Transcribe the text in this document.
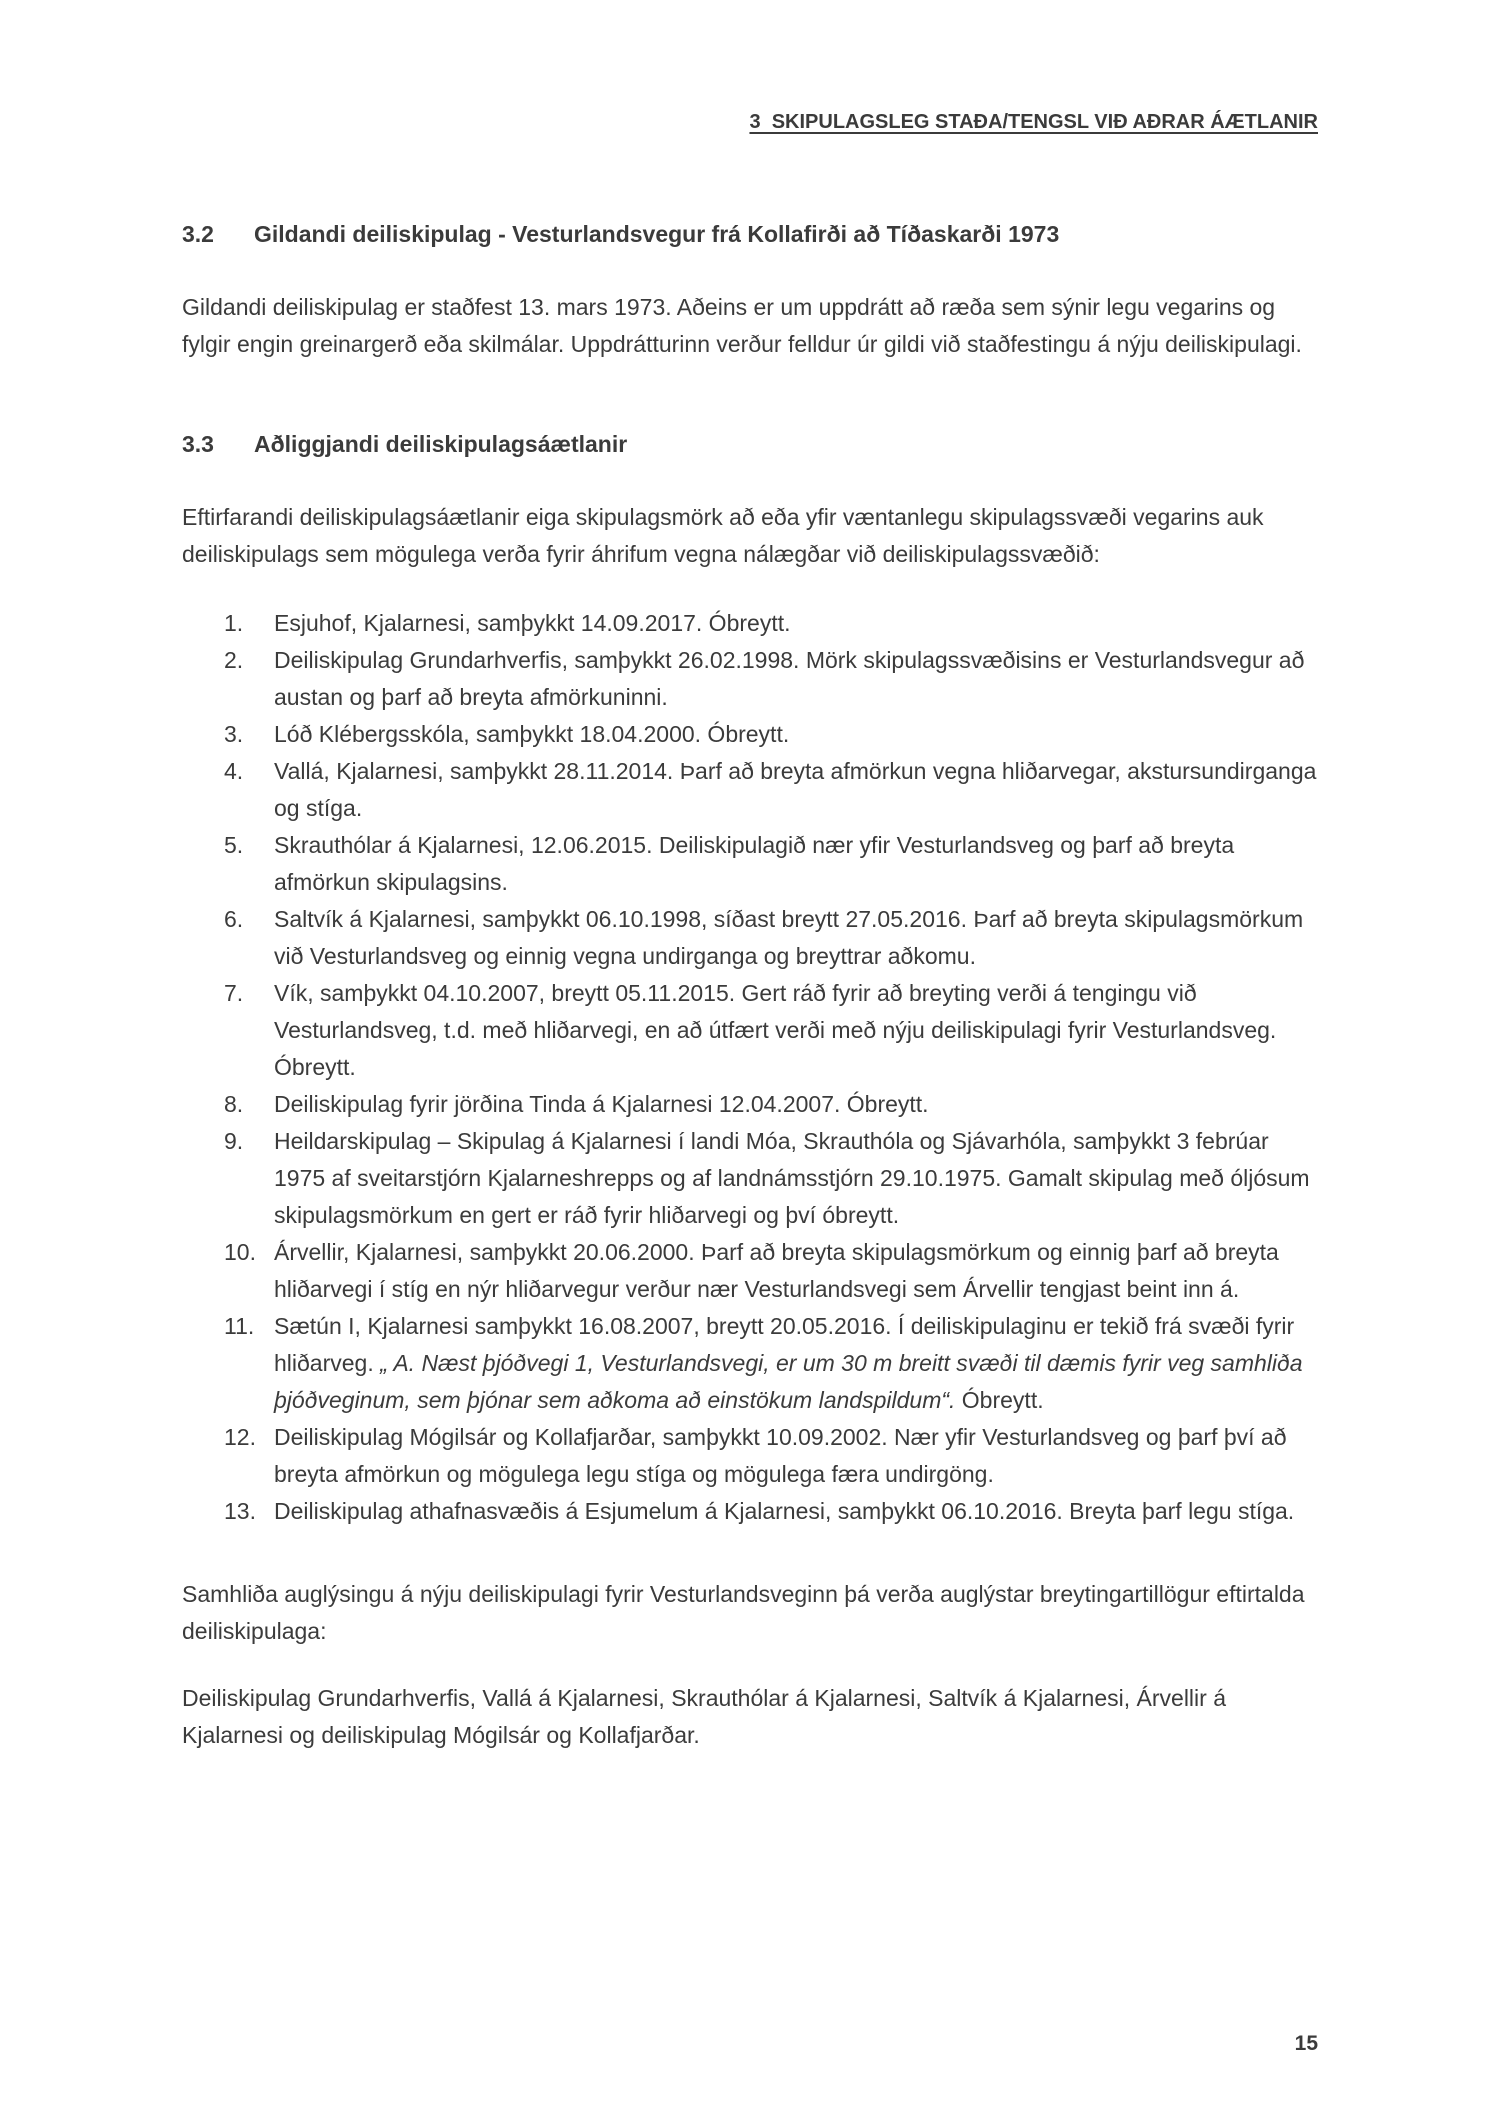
3  SKIPULAGSLEG STAÐA/TENGSL VIÐ AÐRAR ÁÆTLANIR

3.2	Gildandi deiliskipulag - Vesturlandsvegur frá Kollafirði að Tíðaskarði 1973

Gildandi deiliskipulag er staðfest 13. mars 1973. Aðeins er um uppdrátt að ræða sem sýnir legu vegarins og fylgir engin greinargerð eða skilmálar. Uppdrátturinn verður felldur úr gildi við staðfestingu á nýju deiliskipulagi.

3.3	Aðliggjandi deiliskipulagsáætlanir

Eftirfarandi deiliskipulagsáætlanir eiga skipulagsmörk að eða yfir væntanlegu skipulagssvæði vegarins auk deiliskipulags sem mögulega verða fyrir áhrifum vegna nálægðar við deiliskipulagssvæðið:

1.	Esjuhof, Kjalarnesi, samþykkt 14.09.2017. Óbreytt.
2.	Deiliskipulag Grundarhverfis, samþykkt 26.02.1998. Mörk skipulagssvæðisins er Vesturlandsvegur að austan og þarf að breyta afmörkuninni.
3.	Lóð Klébergsskóla, samþykkt 18.04.2000. Óbreytt.
4.	Vallá, Kjalarnesi, samþykkt 28.11.2014. Þarf að breyta afmörkun vegna hliðarvegar, akstursundirganga og stíga.
5.	Skrauthólar á Kjalarnesi, 12.06.2015. Deiliskipulagið nær yfir Vesturlandsveg og þarf að breyta afmörkun skipulagsins.
6.	Saltvík á Kjalarnesi, samþykkt 06.10.1998, síðast breytt 27.05.2016. Þarf að breyta skipulagsmörkum við Vesturlandsveg og einnig vegna undirganga og breyttrar aðkomu.
7.	Vík, samþykkt 04.10.2007, breytt 05.11.2015. Gert ráð fyrir að breyting verði á tengingu við Vesturlandsveg, t.d. með hliðarvegi, en að útfært verði með nýju deiliskipulagi fyrir Vesturlandsveg. Óbreytt.
8.	Deiliskipulag fyrir jörðina Tinda á Kjalarnesi 12.04.2007. Óbreytt.
9.	Heildarskipulag – Skipulag á Kjalarnesi í landi Móa, Skrauthóla og Sjávarhóla, samþykkt 3 febrúar 1975 af sveitarstjórn Kjalarneshrepps og af landnámsstjórn 29.10.1975. Gamalt skipulag með óljósum skipulagsmörkum en gert er ráð fyrir hliðarvegi og því óbreytt.
10. Árvellir, Kjalarnesi, samþykkt 20.06.2000. Þarf að breyta skipulagsmörkum og einnig þarf að breyta hliðarvegi í stíg en nýr hliðarvegur verður nær Vesturlandsvegi sem Árvellir tengjast beint inn á.
11. Sætún I, Kjalarnesi samþykkt 16.08.2007, breytt 20.05.2016. Í deiliskipulaginu er tekið frá svæði fyrir hliðarveg. „ A. Næst þjóðvegi 1, Vesturlandsvegi, er um 30 m breitt svæði til dæmis fyrir veg samhliða þjóðveginum, sem þjónar sem aðkoma að einstökum landspildum“. Óbreytt.
12. Deiliskipulag Mógilsár og Kollafjarðar, samþykkt 10.09.2002. Nær yfir Vesturlandsveg og þarf því að breyta afmörkun og mögulega legu stíga og mögulega færa undirgöng.
13. Deiliskipulag athafnasvæðis á Esjumelum á Kjalarnesi, samþykkt 06.10.2016. Breyta þarf legu stíga.

Samhliða auglýsingu á nýju deiliskipulagi fyrir Vesturlandsveginn þá verða auglýstar breytingartillögur eftirtalda deiliskipulaga:

Deiliskipulag Grundarhverfis, Vallá á Kjalarnesi, Skrauthólar á Kjalarnesi, Saltvík á Kjalarnesi, Árvellir á Kjalarnesi og deiliskipulag Mógilsár og Kollafjarðar.

15
